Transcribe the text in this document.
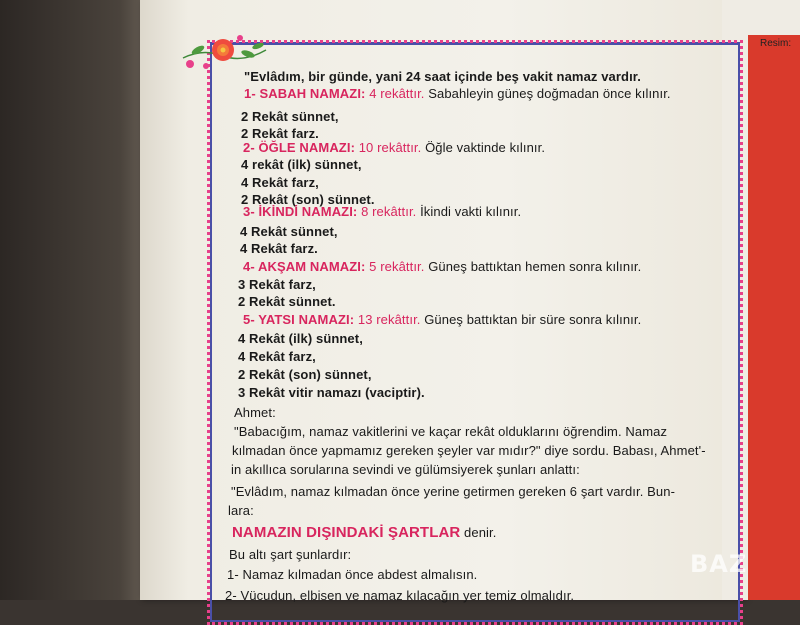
Resim:
"Evlâdım, bir günde, yani 24 saat içinde beş vakit namaz vardır.
1- SABAH NAMAZI: 4 rekâttır. Sabahleyin güneş doğmadan önce kılınır.
2 Rekât sünnet,
2 Rekât farz.
2- ÖĞLE NAMAZI: 10 rekâttır. Öğle vaktinde kılınır.
4 rekât (ilk) sünnet,
4 Rekât farz,
2 Rekât (son) sünnet.
3- İKİNDİ NAMAZI: 8 rekâttır. İkindi vakti kılınır.
4 Rekât sünnet,
4 Rekât farz.
4- AKŞAM NAMAZI: 5 rekâttır. Güneş battıktan hemen sonra kılınır.
3 Rekât farz,
2 Rekât sünnet.
5- YATSI NAMAZI: 13 rekâttır. Güneş battıktan bir süre sonra kılınır.
4 Rekât (ilk) sünnet,
4 Rekât farz,
2 Rekât (son) sünnet,
3 Rekât vitir namazı (vaciptir).
Ahmet:
"Babacığım, namaz vakitlerini ve kaçar rekât olduklarını öğrendim. Namaz
kılmadan önce yapmamız gereken şeyler var mıdır?" diye sordu. Babası, Ahmet'-
in akıllıca sorularına sevindi ve gülümsiyerek şunları anlattı:
"Evlâdım, namaz kılmadan önce yerine getirmen gereken 6 şart vardır. Bun-
lara:
NAMAZIN DIŞINDAKİ ŞARTLAR denir.
Bu altı şart şunlardır:
1- Namaz kılmadan önce abdest almalısın.
2- Vücudun, elbisen ve namaz kılacağın yer temiz olmalıdır.
BAZ
